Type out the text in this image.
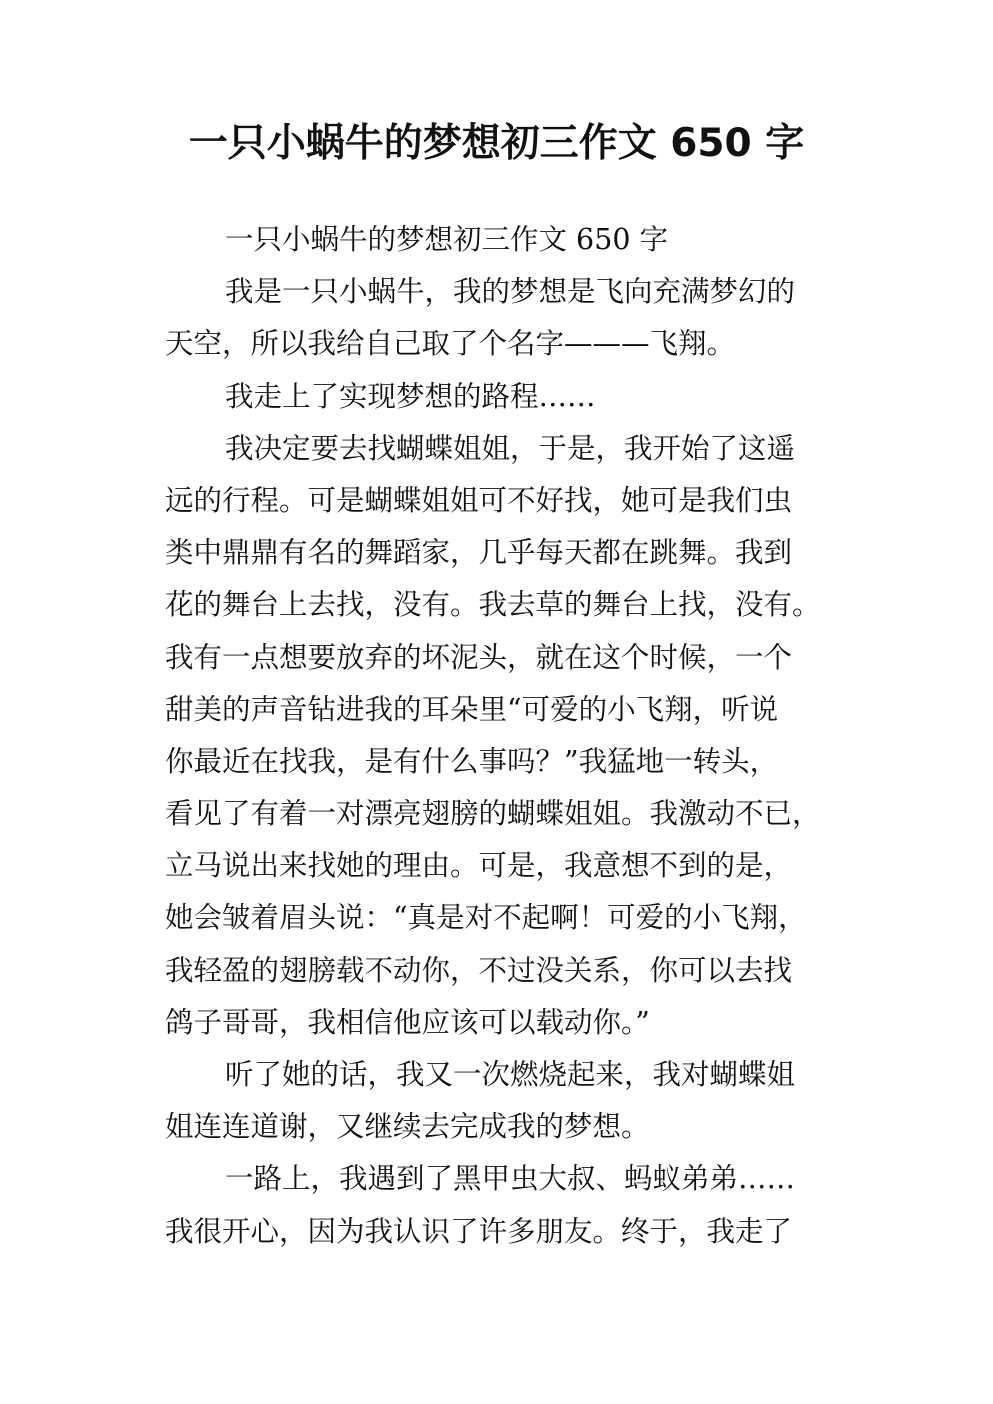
一只小蜗牛的梦想初三作文 650 字
一只小蜗牛的梦想初三作文 650 字
我是一只小蜗牛，我的梦想是飞向充满梦幻的
天空，所以我给自己取了个名字———飞翔。
我走上了实现梦想的路程……
我决定要去找蝴蝶姐姐，于是，我开始了这遥
远的行程。可是蝴蝶姐姐可不好找，她可是我们虫
类中鼎鼎有名的舞蹈家，几乎每天都在跳舞。我到
花的舞台上去找，没有。我去草的舞台上找，没有。
我有一点想要放弃的坏泥头，就在这个时候，一个
甜美的声音钻进我的耳朵里“可爱的小飞翔，听说
你最近在找我，是有什么事吗？”我猛地一转头，
看见了有着一对漂亮翅膀的蝴蝶姐姐。我激动不已，
立马说出来找她的理由。可是，我意想不到的是，
她会皱着眉头说：“真是对不起啊！可爱的小飞翔，
我轻盈的翅膀载不动你，不过没关系，你可以去找
鸽子哥哥，我相信他应该可以载动你。”
听了她的话，我又一次燃烧起来，我对蝴蝶姐
姐连连道谢，又继续去完成我的梦想。
一路上，我遇到了黑甲虫大叔、蚂蚁弟弟……
我很开心，因为我认识了许多朋友。终于，我走了
